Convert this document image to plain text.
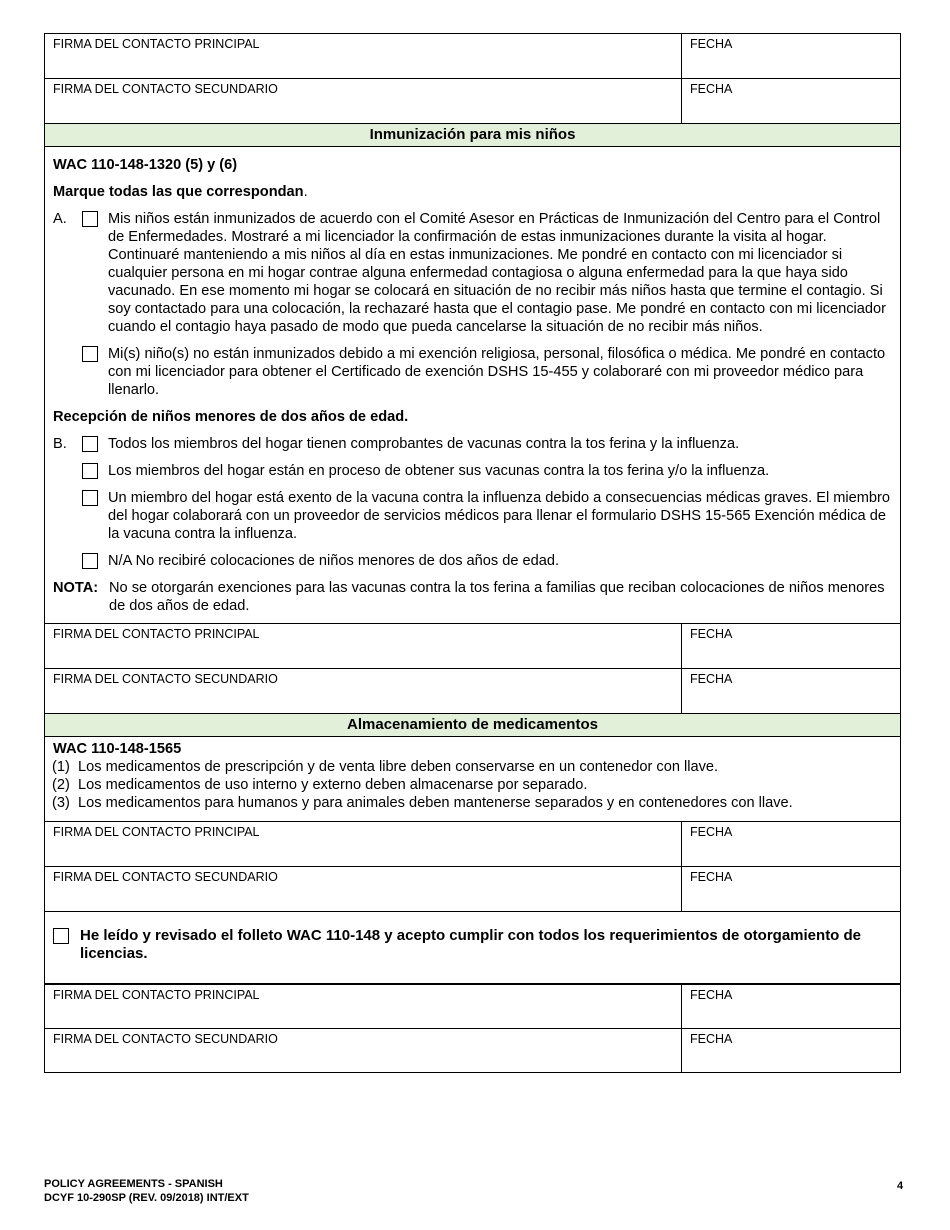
FIRMA DEL CONTACTO PRINCIPAL	FECHA
FIRMA DEL CONTACTO SECUNDARIO	FECHA
Inmunización para mis niños
WAC 110-148-1320 (5) y (6)
Marque todas las que correspondan.
A.	Mis niños están inmunizados de acuerdo con el Comité Asesor en Prácticas de Inmunización del Centro para el Control de Enfermedades. Mostraré a mi licenciador la confirmación de estas inmunizaciones durante la visita al hogar. Continuaré manteniendo a mis niños al día en estas inmunizaciones. Me pondré en contacto con mi licenciador si cualquier persona en mi hogar contrae alguna enfermedad contagiosa o alguna enfermedad para la que haya sido vacunado. En ese momento mi hogar se colocará en situación de no recibir más niños hasta que termine el contagio. Si soy contactado para una colocación, la rechazaré hasta que el contagio pase. Me pondré en contacto con mi licenciador cuando el contagio haya pasado de modo que pueda cancelarse la situación de no recibir más niños.
Mi(s) niño(s) no están inmunizados debido a mi exención religiosa, personal, filosófica o médica. Me pondré en contacto con mi licenciador para obtener el Certificado de exención DSHS 15-455 y colaboraré con mi proveedor médico para llenarlo.
Recepción de niños menores de dos años de edad.
B.	Todos los miembros del hogar tienen comprobantes de vacunas contra la tos ferina y la influenza.
Los miembros del hogar están en proceso de obtener sus vacunas contra la tos ferina y/o la influenza.
Un miembro del hogar está exento de la vacuna contra la influenza debido a consecuencias médicas graves. El miembro del hogar colaborará con un proveedor de servicios médicos para llenar el formulario DSHS 15-565 Exención médica de la vacuna contra la influenza.
N/A No recibiré colocaciones de niños menores de dos años de edad.
NOTA: No se otorgarán exenciones para las vacunas contra la tos ferina a familias que reciban colocaciones de niños menores de dos años de edad.
FIRMA DEL CONTACTO PRINCIPAL	FECHA
FIRMA DEL CONTACTO SECUNDARIO	FECHA
Almacenamiento de medicamentos
WAC 110-148-1565
(1) Los medicamentos de prescripción y de venta libre deben conservarse en un contenedor con llave.
(2) Los medicamentos de uso interno y externo deben almacenarse por separado.
(3) Los medicamentos para humanos y para animales deben mantenerse separados y en contenedores con llave.
FIRMA DEL CONTACTO PRINCIPAL	FECHA
FIRMA DEL CONTACTO SECUNDARIO	FECHA
He leído y revisado el folleto WAC 110-148 y acepto cumplir con todos los requerimientos de otorgamiento de licencias.
FIRMA DEL CONTACTO PRINCIPAL	FECHA
FIRMA DEL CONTACTO SECUNDARIO	FECHA
POLICY AGREEMENTS - SPANISH
DCYF 10-290SP (REV. 09/2018) INT/EXT
4
